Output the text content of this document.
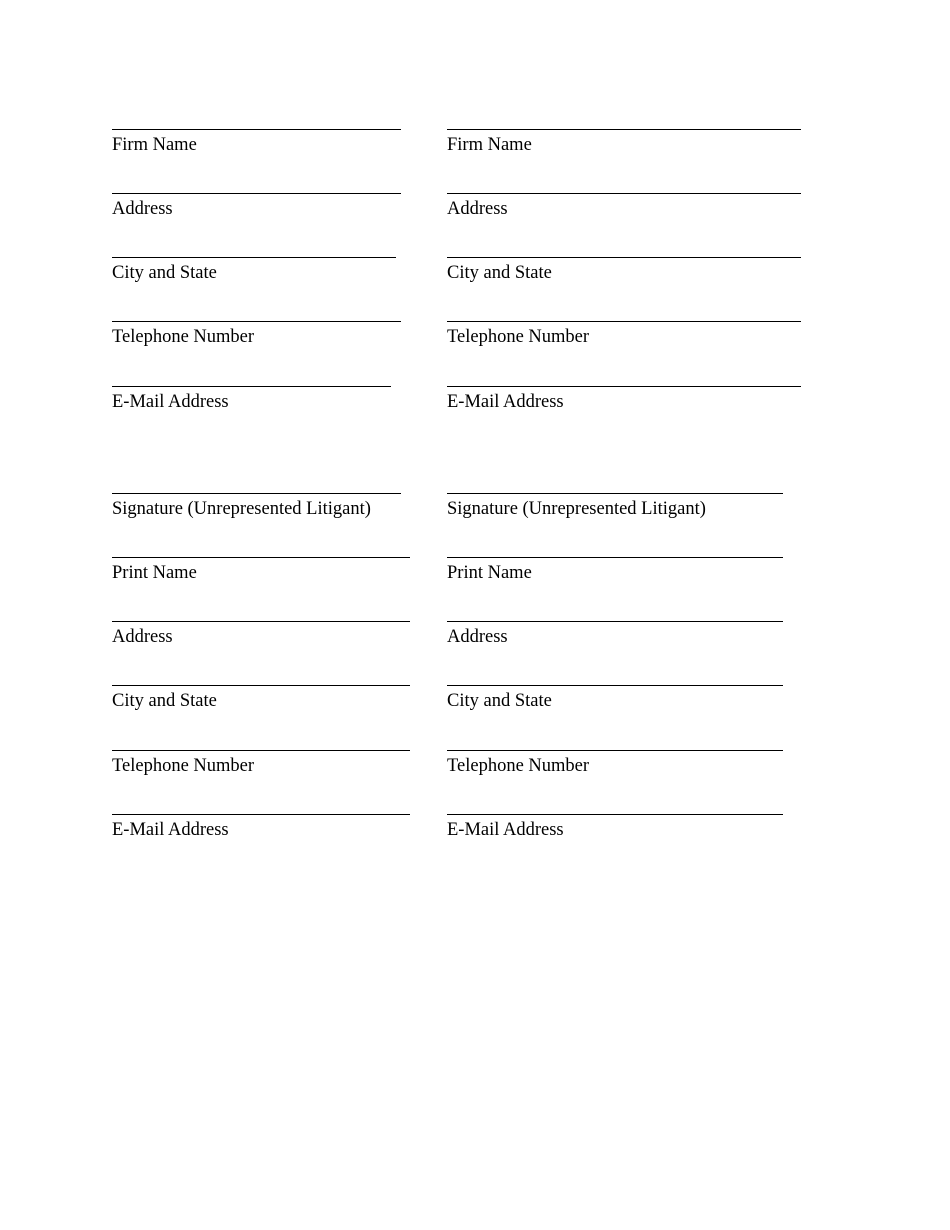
Firm Name
Address
City and State
Telephone Number
E-Mail Address
Firm Name
Address
City and State
Telephone Number
E-Mail Address
Signature (Unrepresented Litigant)
Print Name
Address
City and State
Telephone Number
E-Mail Address
Signature (Unrepresented Litigant)
Print Name
Address
City and State
Telephone Number
E-Mail Address
